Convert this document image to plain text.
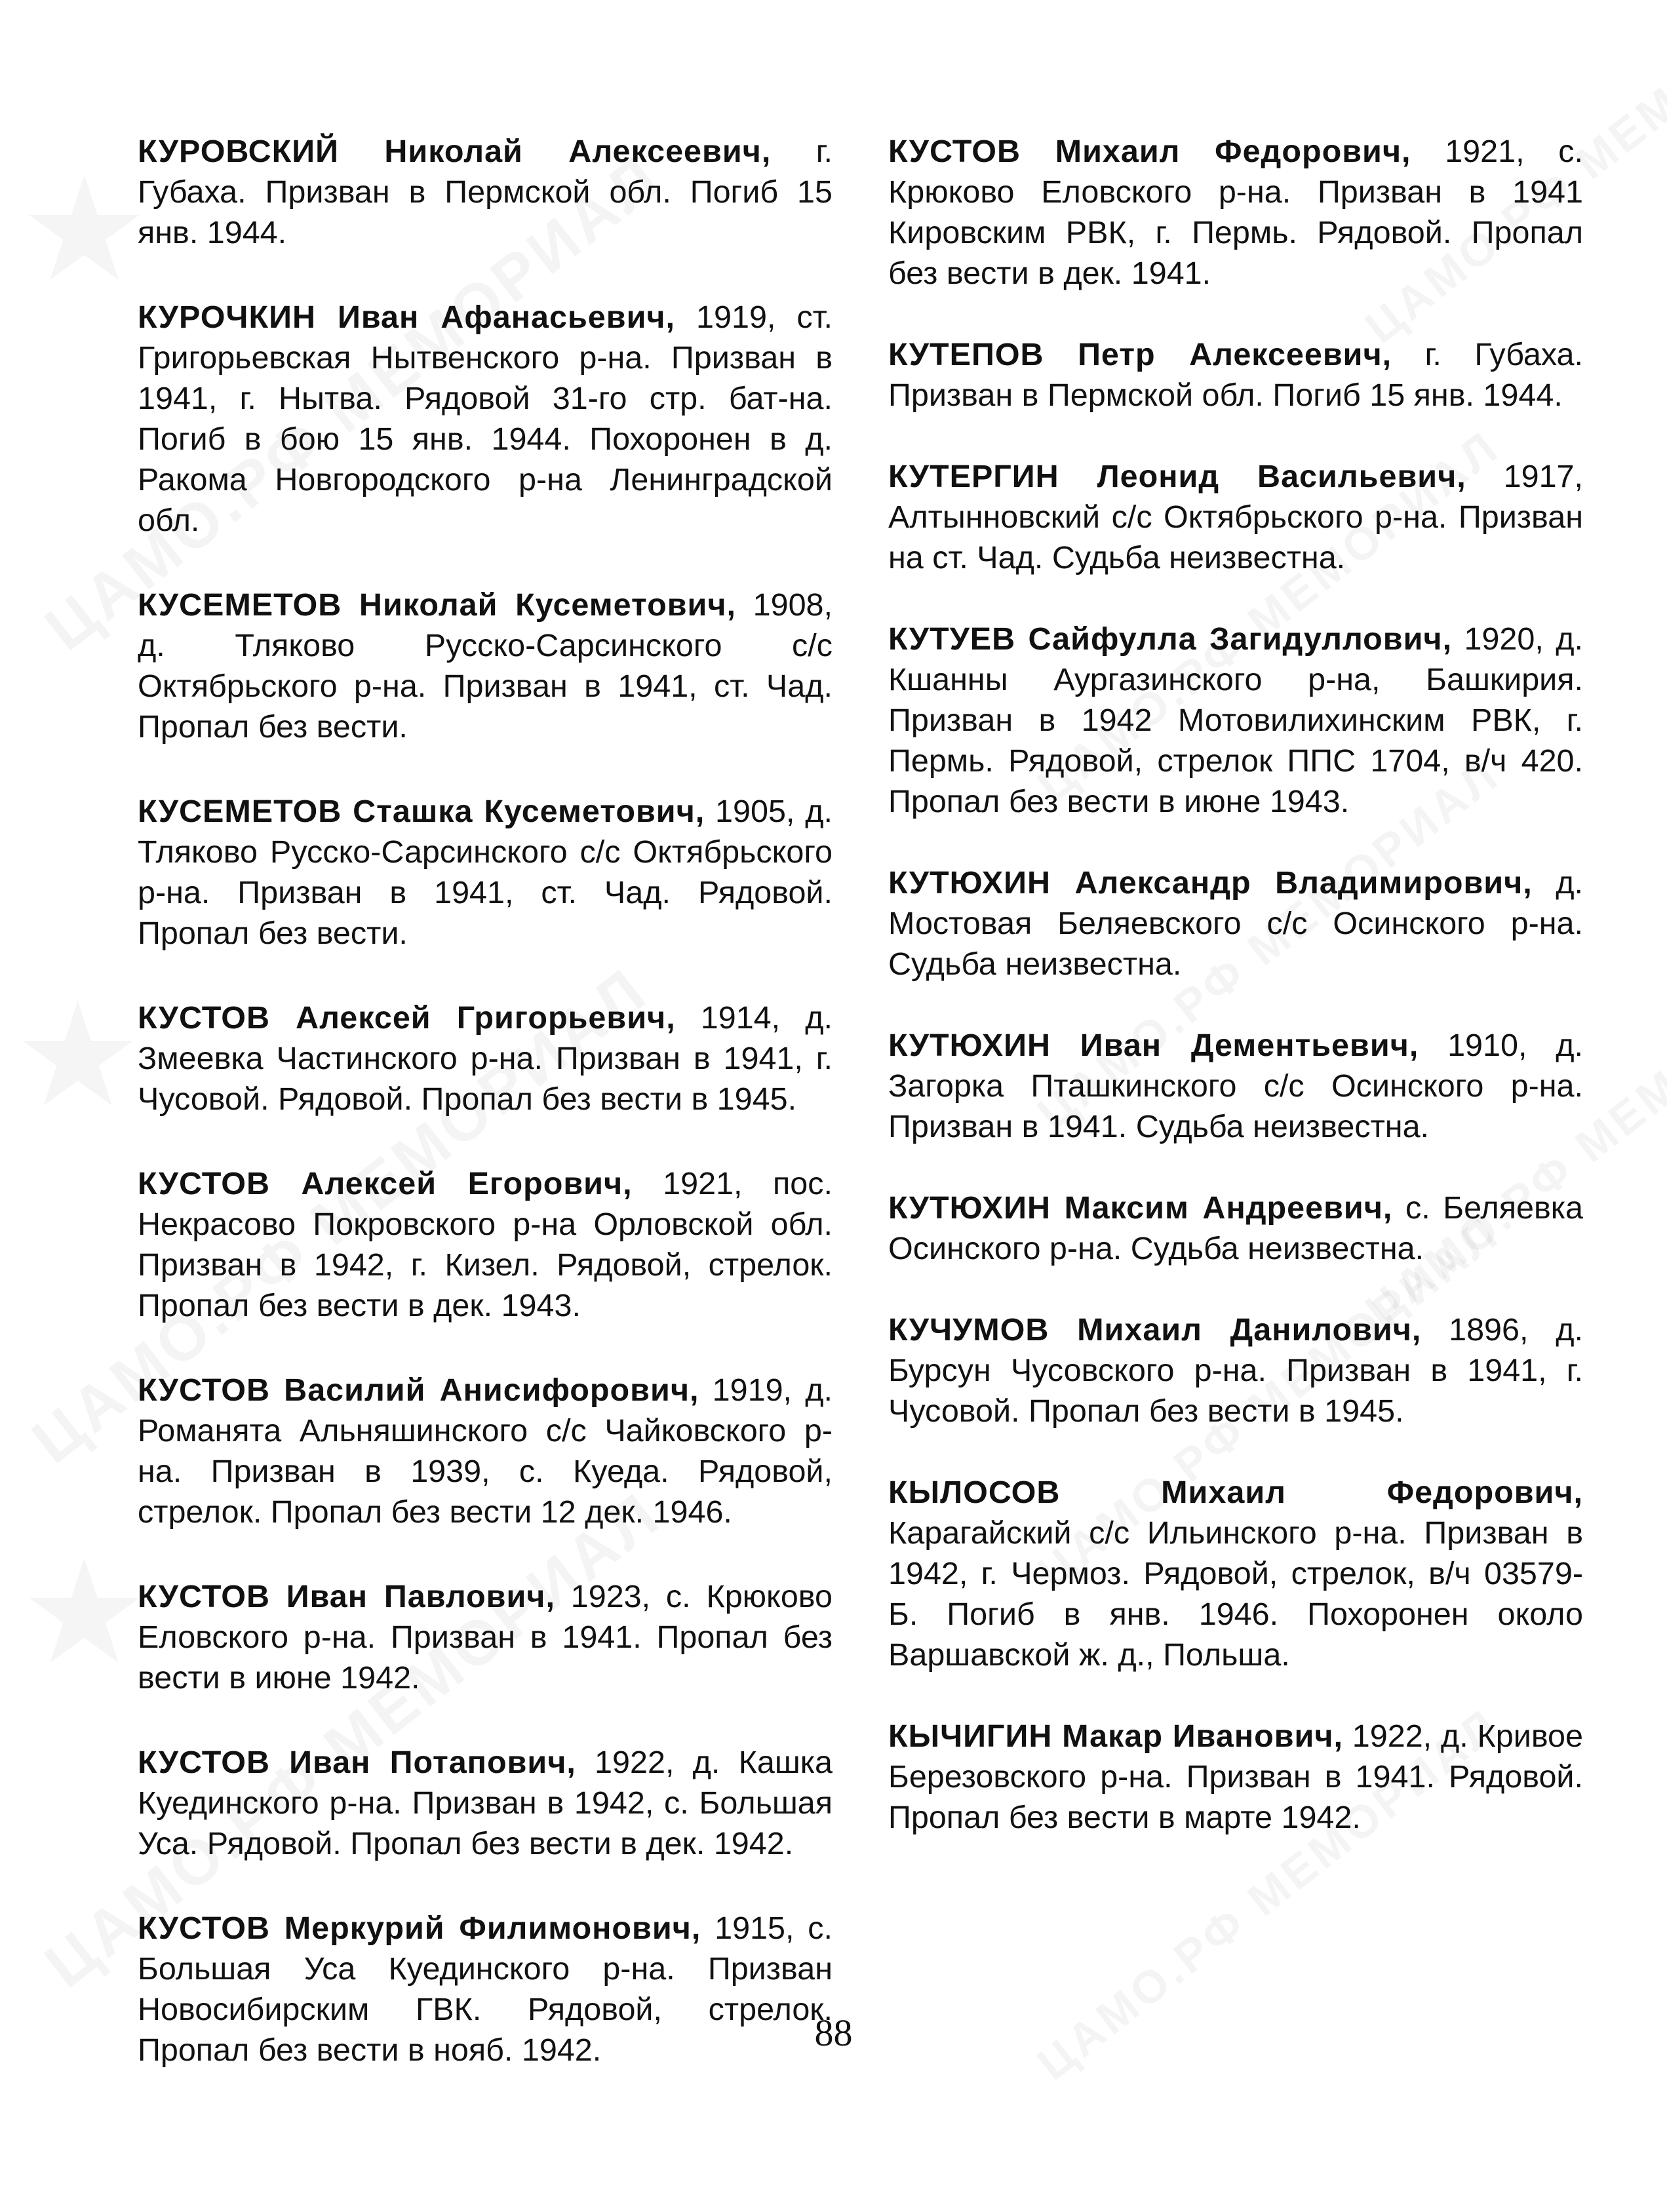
КУРОВСКИЙ Николай Алексеевич, г. Губаха. Призван в Пермской обл. Погиб 15 янв. 1944.

КУРОЧКИН Иван Афанасьевич, 1919, ст. Григорьевская Нытвенского р-на. Призван в 1941, г. Нытва. Рядовой 31-го стр. бат-на. Погиб в бою 15 янв. 1944. Похоронен в д. Ракома Новгородского р-на Ленинградской обл.

КУСЕМЕТОВ Николай Кусеметович, 1908, д. Тляково Русско-Сарсинского с/с Октябрьского р-на. Призван в 1941, ст. Чад. Пропал без вести.

КУСЕМЕТОВ Сташка Кусеметович, 1905, д. Тляково Русско-Сарсинского с/с Октябрьского р-на. Призван в 1941, ст. Чад. Рядовой. Пропал без вести.

КУСТОВ Алексей Григорьевич, 1914, д. Змеевка Частинского р-на. Призван в 1941, г. Чусовой. Рядовой. Пропал без вести в 1945.

КУСТОВ Алексей Егорович, 1921, пос. Некрасово Покровского р-на Орловской обл. Призван в 1942, г. Кизел. Рядовой, стрелок. Пропал без вести в дек. 1943.

КУСТОВ Василий Анисифорович, 1919, д. Романята Альняшинского с/с Чайковского р-на. Призван в 1939, с. Куеда. Рядовой, стрелок. Пропал без вести 12 дек. 1946.

КУСТОВ Иван Павлович, 1923, с. Крюково Еловского р-на. Призван в 1941. Пропал без вести в июне 1942.

КУСТОВ Иван Потапович, 1922, д. Кашка Куединского р-на. Призван в 1942, с. Большая Уса. Рядовой. Пропал без вести в дек. 1942.

КУСТОВ Меркурий Филимонович, 1915, с. Большая Уса Куединского р-на. Призван Новосибирским ГВК. Рядовой, стрелок. Пропал без вести в нояб. 1942.

КУСТОВ Михаил Федорович, 1921, с. Крюково Еловского р-на. Призван в 1941 Кировским РВК, г. Пермь. Рядовой. Пропал без вести в дек. 1941.

КУТЕПОВ Петр Алексеевич, г. Губаха. Призван в Пермской обл. Погиб 15 янв. 1944.

КУТЕРГИН Леонид Васильевич, 1917, Алтынновский с/с Октябрьского р-на. Призван на ст. Чад. Судьба неизвестна.

КУТУЕВ Сайфулла Загидуллович, 1920, д. Кшанны Аургазинского р-на, Башкирия. Призван в 1942 Мотовилихинским РВК, г. Пермь. Рядовой, стрелок ППС 1704, в/ч 420. Пропал без вести в июне 1943.

КУТЮХИН Александр Владимирович, д. Мостовая Беляевского с/с Осинского р-на. Судьба неизвестна.

КУТЮХИН Иван Дементьевич, 1910, д. Загорка Пташкинского с/с Осинского р-на. Призван в 1941. Судьба неизвестна.

КУТЮХИН Максим Андреевич, с. Беляевка Осинского р-на. Судьба неизвестна.

КУЧУМОВ Михаил Данилович, 1896, д. Бурсун Чусовского р-на. Призван в 1941, г. Чусовой. Пропал без вести в 1945.

КЫЛОСОВ Михаил Федорович, Карагайский с/с Ильинского р-на. Призван в 1942, г. Чермоз. Рядовой, стрелок, в/ч 03579-Б. Погиб в янв. 1946. Похоронен около Варшавской ж. д., Польша.

КЫЧИГИН Макар Иванович, 1922, д. Кривое Березовского р-на. Призван в 1941. Рядовой. Пропал без вести в марте 1942.

88
